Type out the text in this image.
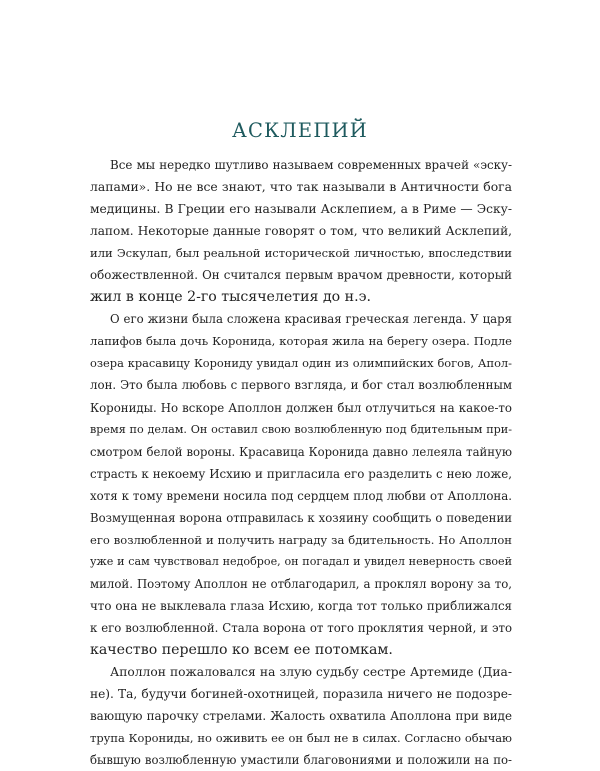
АСКЛЕПИЙ
Все мы нередко шутливо называем современных врачей «эску-
лапами». Но не все знают, что так называли в Античности бога
медицины. В Греции его называли Асклепием, а в Риме — Эску-
лапом. Некоторые данные говорят о том, что великий Асклепий,
или Эскулап, был реальной исторической личностью, впоследствии
обожествленной. Он считался первым врачом древности, который
жил в конце 2-го тысячелетия до н.э.
О его жизни была сложена красивая греческая легенда. У царя
лапифов была дочь Коронида, которая жила на берегу озера. Подле
озера красавицу Корониду увидал один из олимпийских богов, Апол-
лон. Это была любовь с первого взгляда, и бог стал возлюбленным
Корониды. Но вскоре Аполлон должен был отлучиться на какое-то
время по делам. Он оставил свою возлюбленную под бдительным при-
смотром белой вороны. Красавица Коронида давно лелеяла тайную
страсть к некоему Исхию и пригласила его разделить с нею ложе,
хотя к тому времени носила под сердцем плод любви от Аполлона.
Возмущенная ворона отправилась к хозяину сообщить о поведении
его возлюбленной и получить награду за бдительность. Но Аполлон
уже и сам чувствовал недоброе, он погадал и увидел неверность своей
милой. Поэтому Аполлон не отблагодарил, а проклял ворону за то,
что она не выклевала глаза Исхию, когда тот только приближался
к его возлюбленной. Стала ворона от того проклятия черной, и это
качество перешло ко всем ее потомкам.
Аполлон пожаловался на злую судьбу сестре Артемиде (Диа-
не). Та, будучи богиней-охотницей, поразила ничего не подозре-
вающую парочку стрелами. Жалость охватила Аполлона при виде
трупа Корониды, но оживить ее он был не в силах. Согласно обычаю
бывшую возлюбленную умастили благовониями и положили на по-
